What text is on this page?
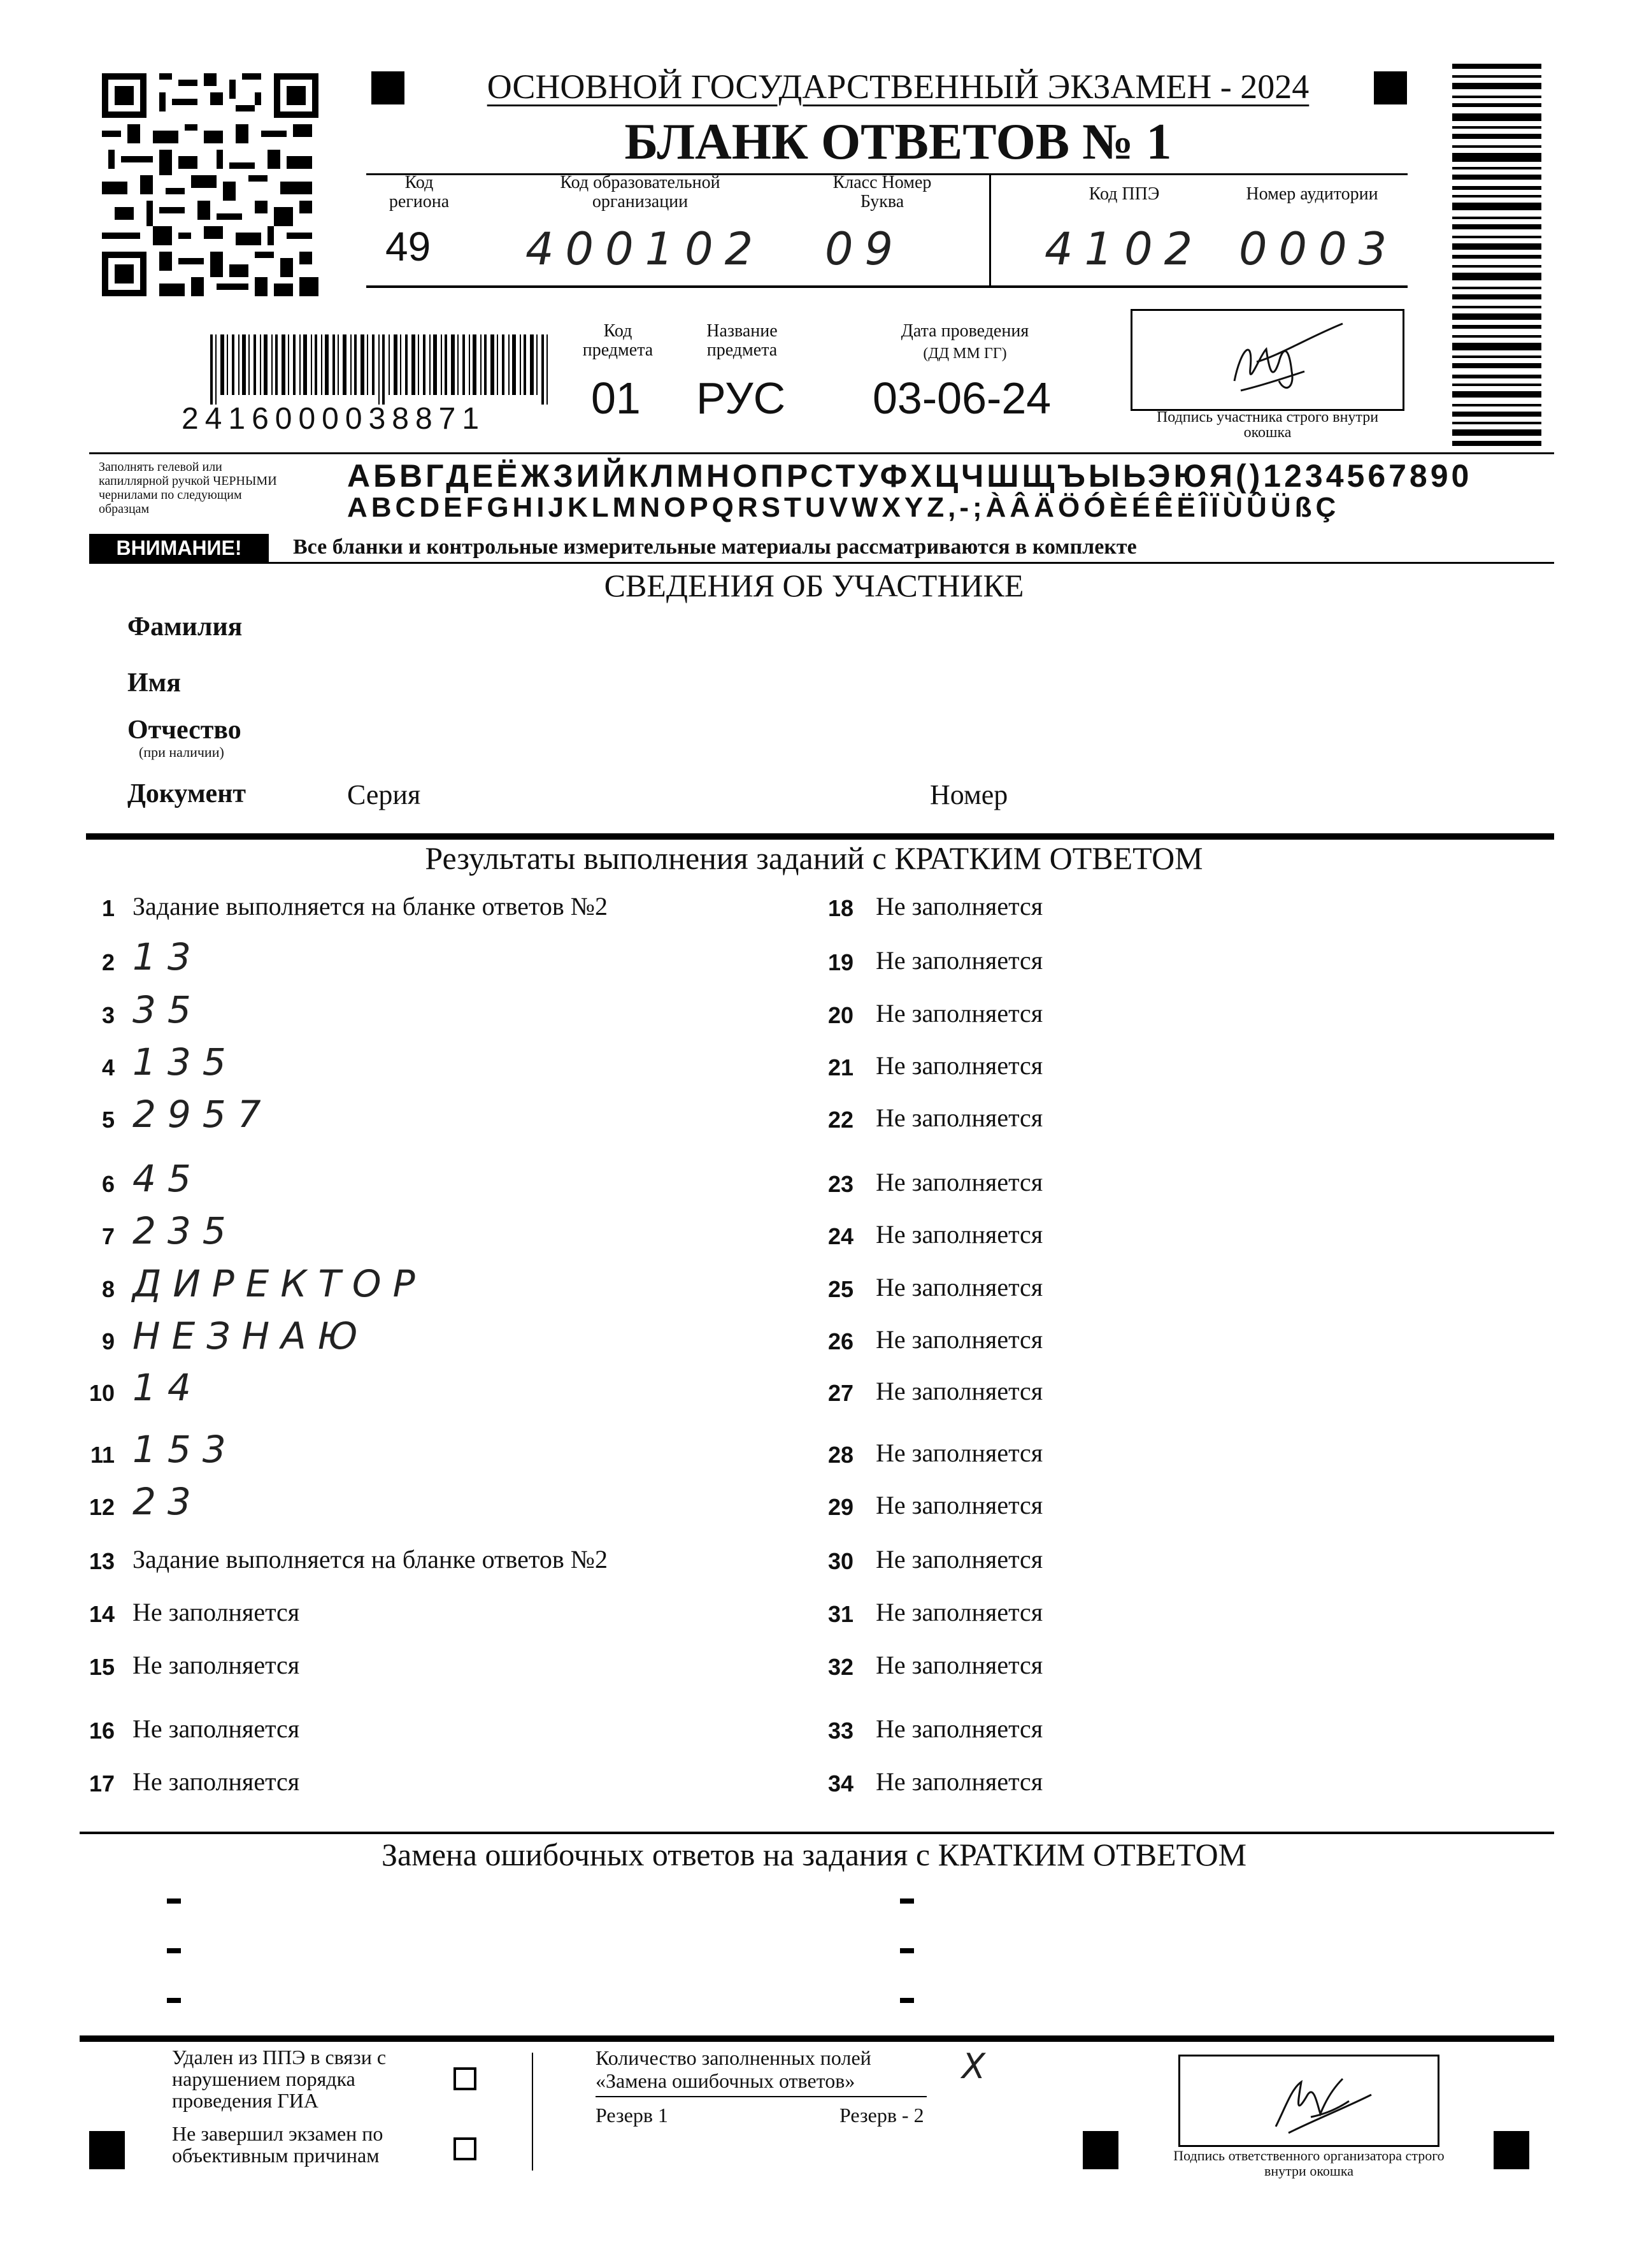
ОСНОВНОЙ ГОСУДАРСТВЕННЫЙ ЭКЗАМЕН - 2024
БЛАНК ОТВЕТОВ № 1
Код региона
49
Код образовательной организации
400102
Класс Номер Буква
09
Код ППЭ
4102
Номер аудитории
0003
2416000038871
Код предмета
01
Название предмета
РУС
Дата проведения
(ДД ММ ГГ)
03-06-24	Подпись участника строго внутри окошка
Заполнять гелевой или капиллярной ручкой ЧЕРНЫМИ чернилами по следующим образцам
АБВГДЕЁЖЗИЙКЛМНОПРСТУФХЦЧШЩЪЫЬЭЮЯ()1234567890
ABCDEFGHIJKLMNOPQRSTUVWXYZ,-;ÀÂÄÖÓÈÉÊËÎÏÙÛÜßÇ
ВНИМАНИЕ!	Все бланки и контрольные измерительные материалы рассматриваются в комплекте
СВЕДЕНИЯ ОБ УЧАСТНИКЕ
Фамилия
Имя
Отчество
(при наличии)
Документ	Серия	Номер
Результаты выполнения заданий с КРАТКИМ ОТВЕТОМ
1 Задание выполняется на бланке ответов №2
2 13
3 35
4 135
5 2957
6 45
7 235
8 ДИРЕКТОР
9 НЕЗНАЮ
10 14
11 153
12 23
13 Задание выполняется на бланке ответов №2
14 Не заполняется
15 Не заполняется
16 Не заполняется
17 Не заполняется
18 Не заполняется
19 Не заполняется
20 Не заполняется
21 Не заполняется
22 Не заполняется
23 Не заполняется
24 Не заполняется
25 Не заполняется
26 Не заполняется
27 Не заполняется
28 Не заполняется
29 Не заполняется
30 Не заполняется
31 Не заполняется
32 Не заполняется
33 Не заполняется
34 Не заполняется
Замена ошибочных ответов на задания с КРАТКИМ ОТВЕТОМ
Удален из ППЭ в связи с нарушением порядка проведения ГИА
Не завершил экзамен по объективным причинам
Количество заполненных полей «Замена ошибочных ответов»	Х
Резерв 1	Резерв - 2
Подпись ответственного организатора строго внутри окошка
